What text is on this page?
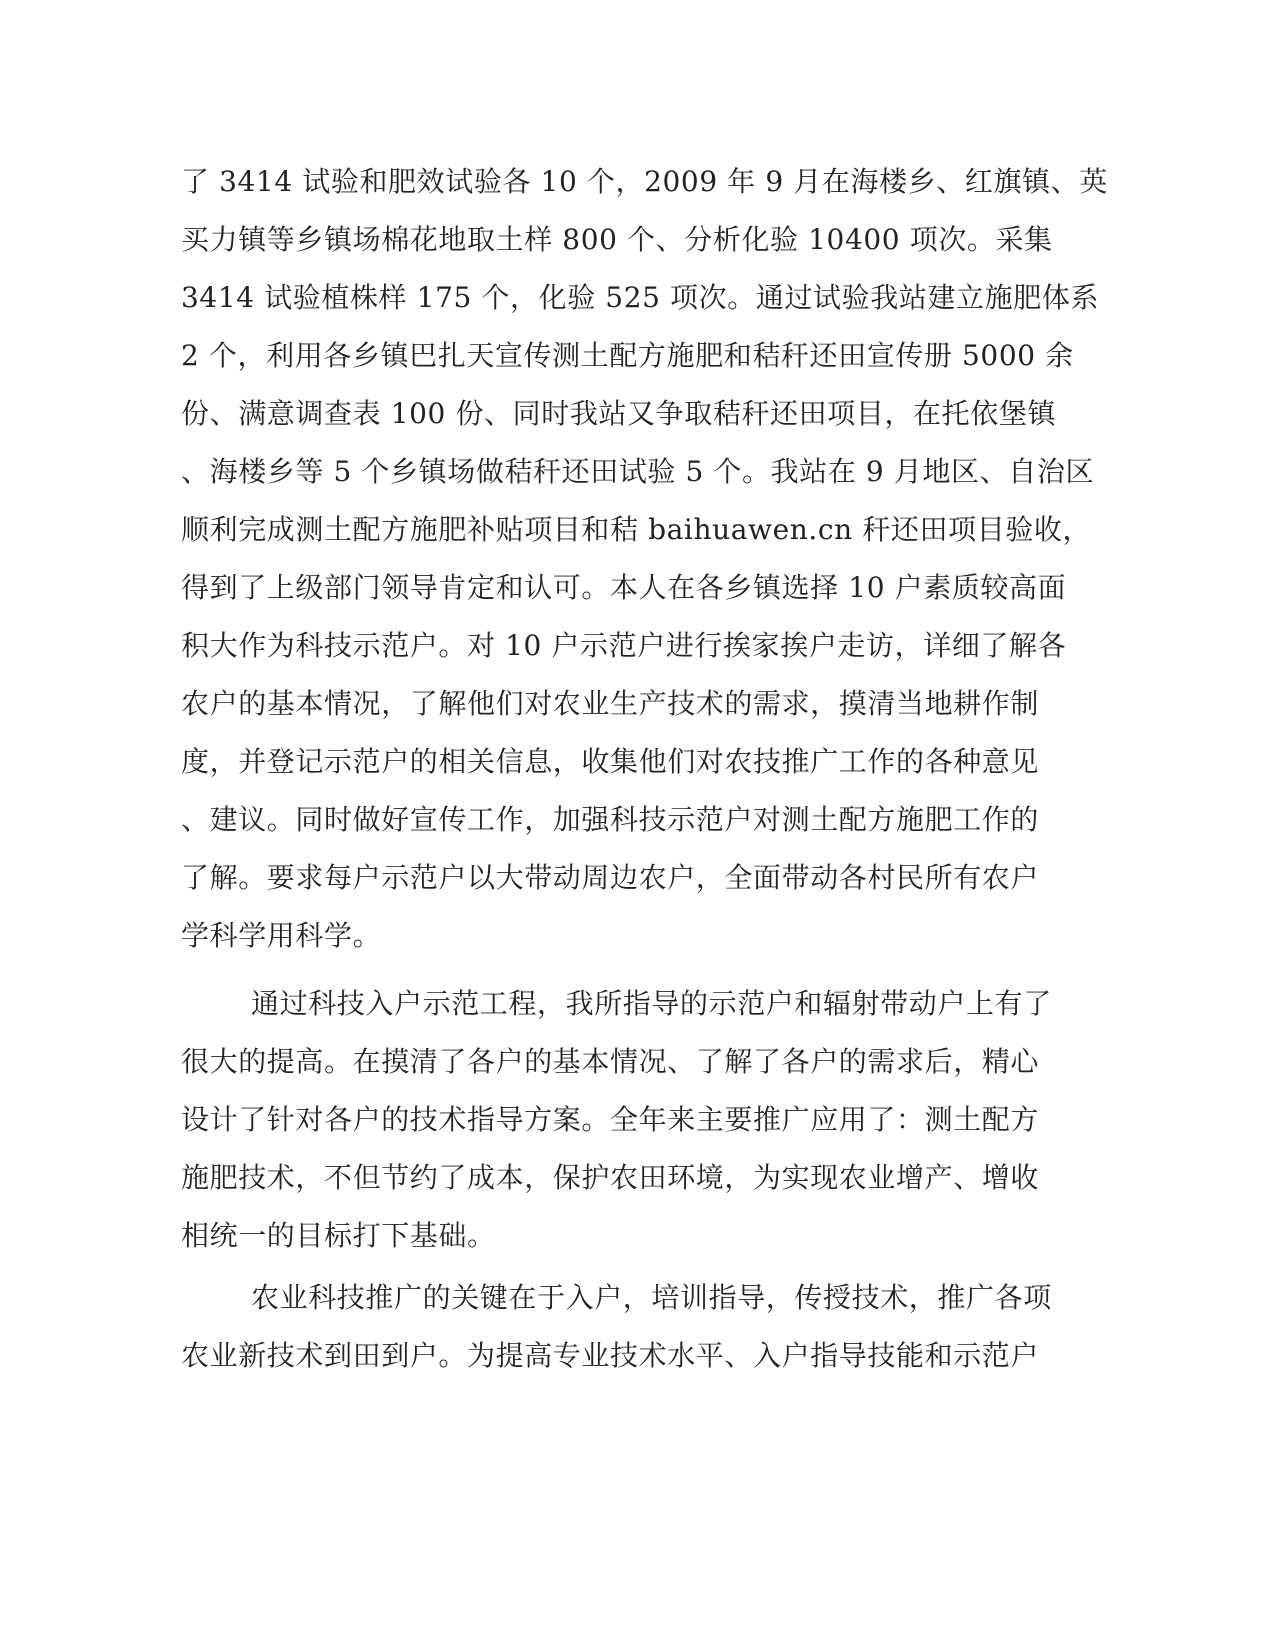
了 3414 试验和肥效试验各 10 个，2009 年 9 月在海楼乡、红旗镇、英
买力镇等乡镇场棉花地取土样 800 个、分析化验 10400 项次。采集
3414 试验植株样 175 个，化验 525 项次。通过试验我站建立施肥体系
2 个，利用各乡镇巴扎天宣传测土配方施肥和秸秆还田宣传册 5000 余
份、满意调查表 100 份、同时我站又争取秸秆还田项目，在托依堡镇
、海楼乡等 5 个乡镇场做秸秆还田试验 5 个。我站在 9 月地区、自治区
顺利完成测土配方施肥补贴项目和秸 baihuawen.cn 秆还田项目验收，
得到了上级部门领导肯定和认可。本人在各乡镇选择 10 户素质较高面
积大作为科技示范户。对 10 户示范户进行挨家挨户走访，详细了解各
农户的基本情况，了解他们对农业生产技术的需求，摸清当地耕作制
度，并登记示范户的相关信息，收集他们对农技推广工作的各种意见
、建议。同时做好宣传工作，加强科技示范户对测土配方施肥工作的
了解。要求每户示范户以大带动周边农户，全面带动各村民所有农户
学科学用科学。
通过科技入户示范工程，我所指导的示范户和辐射带动户上有了
很大的提高。在摸清了各户的基本情况、了解了各户的需求后，精心
设计了针对各户的技术指导方案。全年来主要推广应用了：测土配方
施肥技术，不但节约了成本，保护农田环境，为实现农业增产、增收
相统一的目标打下基础。
农业科技推广的关键在于入户，培训指导，传授技术，推广各项
农业新技术到田到户。为提高专业技术水平、入户指导技能和示范户
